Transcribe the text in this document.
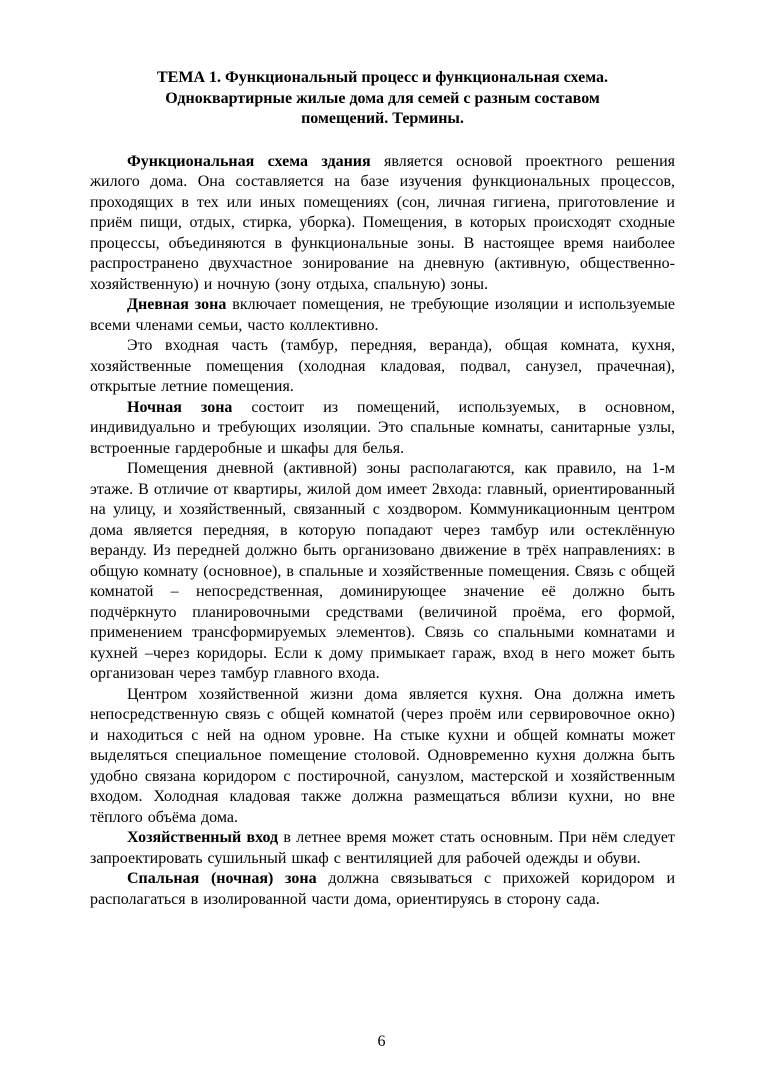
ТЕМА 1. Функциональный процесс и функциональная схема.
Одноквартирные жилые дома для семей с разным составом
помещений. Термины.

Функциональная схема здания является основой проектного решения жилого дома. Она составляется на базе изучения функциональных процессов, проходящих в тех или иных помещениях (сон, личная гигиена, приготовление и приём пищи, отдых, стирка, уборка). Помещения, в которых происходят сходные процессы, объединяются в функциональные зоны. В настоящее время наиболее распространено двухчастное зонирование на дневную (активную, общественно-хозяйственную) и ночную (зону отдыха, спальную) зоны.

Дневная зона включает помещения, не требующие изоляции и используемые всеми членами семьи, часто коллективно.

Это входная часть (тамбур, передняя, веранда), общая комната, кухня, хозяйственные помещения (холодная кладовая, подвал, санузел, прачечная), открытые летние помещения.

Ночная зона состоит из помещений, используемых, в основном, индивидуально и требующих изоляции. Это спальные комнаты, санитарные узлы, встроенные гардеробные и шкафы для белья.

Помещения дневной (активной) зоны располагаются, как правило, на 1-м этаже. В отличие от квартиры, жилой дом имеет 2входа: главный, ориентированный на улицу, и хозяйственный, связанный с хоздвором. Коммуникационным центром дома является передняя, в которую попадают через тамбур или остеклённую веранду. Из передней должно быть организовано движение в трёх направлениях: в общую комнату (основное), в спальные и хозяйственные помещения. Связь с общей комнатой – непосредственная, доминирующее значение её должно быть подчёркнуто планировочными средствами (величиной проёма, его формой, применением трансформируемых элементов). Связь со спальными комнатами и кухней –через коридоры. Если к дому примыкает гараж, вход в него может быть организован через тамбур главного входа.

Центром хозяйственной жизни дома является кухня. Она должна иметь непосредственную связь с общей комнатой (через проём или сервировочное окно) и находиться с ней на одном уровне. На стыке кухни и общей комнаты может выделяться специальное помещение столовой. Одновременно кухня должна быть удобно связана коридором с постирочной, санузлом, мастерской и хозяйственным входом. Холодная кладовая также должна размещаться вблизи кухни, но вне тёплого объёма дома.

Хозяйственный вход в летнее время может стать основным. При нём следует запроектировать сушильный шкаф с вентиляцией для рабочей одежды и обуви.

Спальная (ночная) зона должна связываться с прихожей коридором и располагаться в изолированной части дома, ориентируясь в сторону сада.

6
